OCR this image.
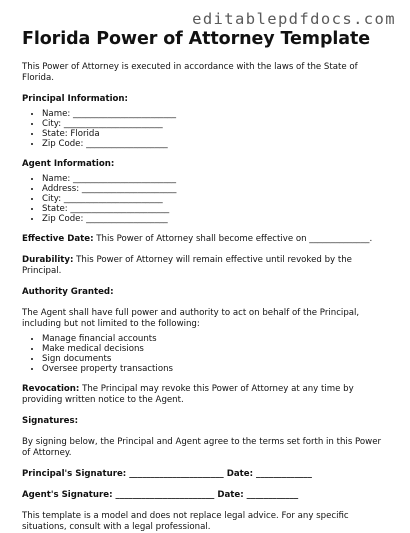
editablepdfdocs.com
Florida Power of Attorney Template

This Power of Attorney is executed in accordance with the laws of the State of Florida.

Principal Information:

• Name: ________________________
• City: _______________________
• State: Florida
• Zip Code: ___________________

Agent Information:

• Name: ________________________
• Address: ______________________
• City: _______________________
• State: _______________________
• Zip Code: ___________________

Effective Date: This Power of Attorney shall become effective on ______________.

Durability: This Power of Attorney will remain effective until revoked by the Principal.

Authority Granted:

The Agent shall have full power and authority to act on behalf of the Principal, including but not limited to the following:

• Manage financial accounts
• Make medical decisions
• Sign documents
• Oversee property transactions

Revocation: The Principal may revoke this Power of Attorney at any time by providing written notice to the Agent.

Signatures:

By signing below, the Principal and Agent agree to the terms set forth in this Power of Attorney.

Principal's Signature: ______________________ Date: _____________

Agent's Signature: _______________________ Date: ____________

This template is a model and does not replace legal advice. For any specific situations, consult with a legal professional.
